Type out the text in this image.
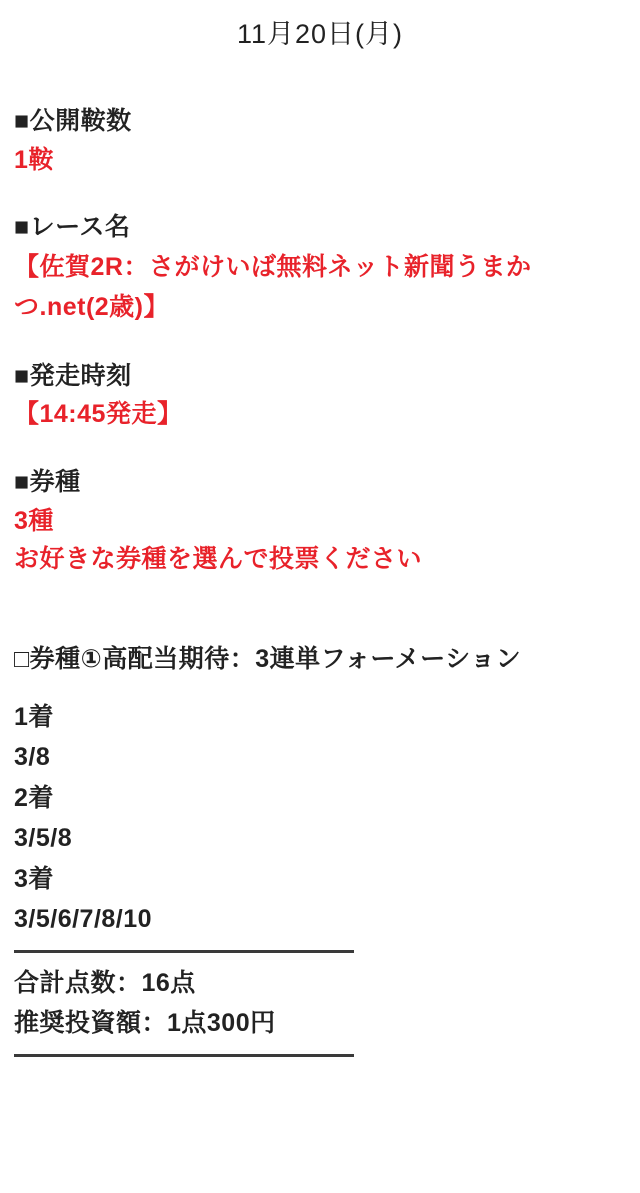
11月20日(月)
■公開鞍数
1鞍
■レース名
【佐賀2R：さがけいば無料ネット新聞うまかつ.net(2歳)】
■発走時刻
【14:45発走】
■券種
3種
お好きな券種を選んで投票ください
□券種①高配当期待：3連単フォーメーション
1着
3/8
2着
3/5/8
3着
3/5/6/7/8/10
合計点数：16点
推奨投資額：1点300円
